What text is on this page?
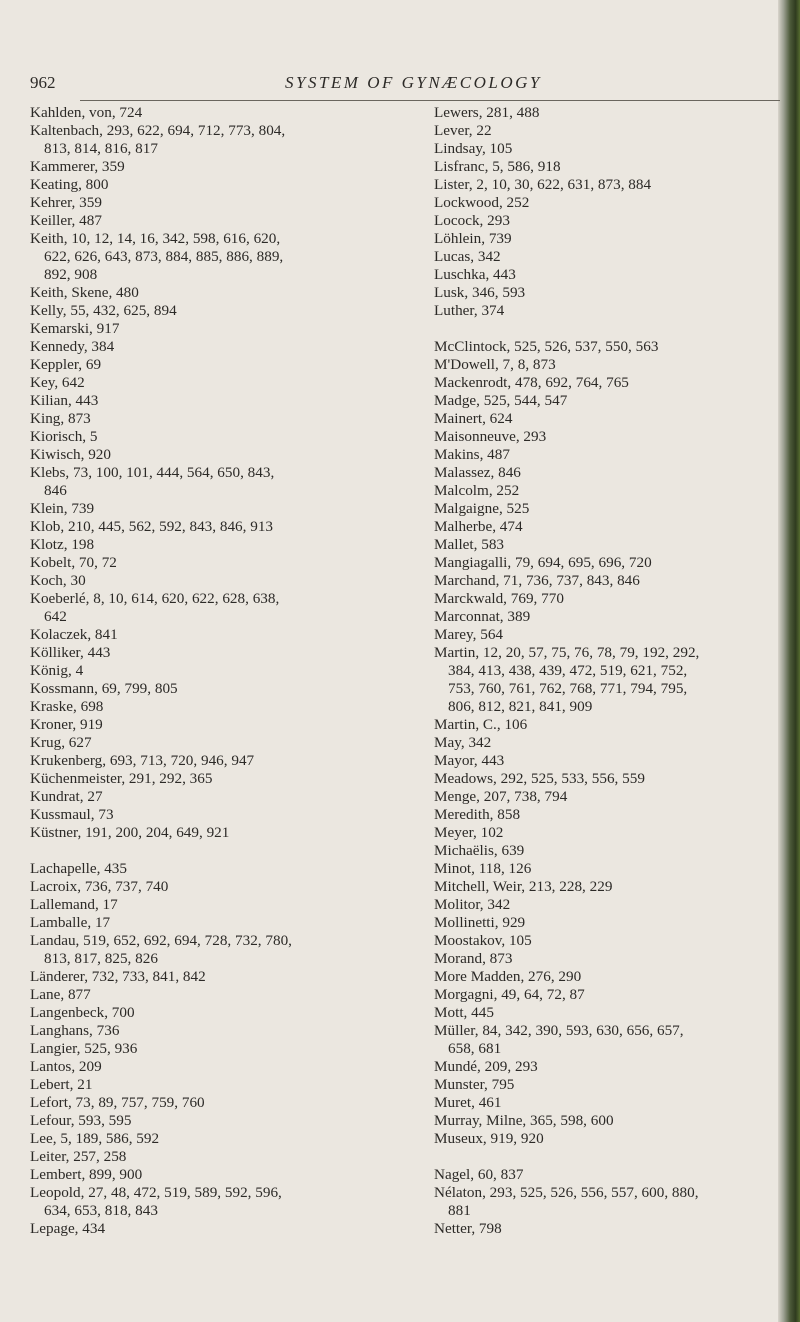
962	SYSTEM OF GYNÆCOLOGY
Kahlden, von, 724
Kaltenbach, 293, 622, 694, 712, 773, 804,
813, 814, 816, 817
Kammerer, 359
Keating, 800
Kehrer, 359
Keiller, 487
Keith, 10, 12, 14, 16, 342, 598, 616, 620,
622, 626, 643, 873, 884, 885, 886, 889,
892, 908
Keith, Skene, 480
Kelly, 55, 432, 625, 894
Kemarski, 917
Kennedy, 384
Keppler, 69
Key, 642
Kilian, 443
King, 873
Kiorisch, 5
Kiwisch, 920
Klebs, 73, 100, 101, 444, 564, 650, 843,
846
Klein, 739
Klob, 210, 445, 562, 592, 843, 846, 913
Klotz, 198
Kobelt, 70, 72
Koch, 30
Koeberlé, 8, 10, 614, 620, 622, 628, 638,
642
Kolaczek, 841
Kölliker, 443
König, 4
Kossmann, 69, 799, 805
Kraske, 698
Kroner, 919
Krug, 627
Krukenberg, 693, 713, 720, 946, 947
Küchenmeister, 291, 292, 365
Kundrat, 27
Kussmaul, 73
Küstner, 191, 200, 204, 649, 921
Lachapelle, 435
Lacroix, 736, 737, 740
Lallemand, 17
Lamballe, 17
Landau, 519, 652, 692, 694, 728, 732, 780,
813, 817, 825, 826
Länderer, 732, 733, 841, 842
Lane, 877
Langenbeck, 700
Langhans, 736
Langier, 525, 936
Lantos, 209
Lebert, 21
Lefort, 73, 89, 757, 759, 760
Lefour, 593, 595
Lee, 5, 189, 586, 592
Leiter, 257, 258
Lembert, 899, 900
Leopold, 27, 48, 472, 519, 589, 592, 596,
634, 653, 818, 843
Lepage, 434
Lewers, 281, 488
Lever, 22
Lindsay, 105
Lisfranc, 5, 586, 918
Lister, 2, 10, 30, 622, 631, 873, 884
Lockwood, 252
Locock, 293
Löhlein, 739
Lucas, 342
Luschka, 443
Lusk, 346, 593
Luther, 374
McClintock, 525, 526, 537, 550, 563
M'Dowell, 7, 8, 873
Mackenrodt, 478, 692, 764, 765
Madge, 525, 544, 547
Mainert, 624
Maisonneuve, 293
Makins, 487
Malassez, 846
Malcolm, 252
Malgaigne, 525
Malherbe, 474
Mallet, 583
Mangiagalli, 79, 694, 695, 696, 720
Marchand, 71, 736, 737, 843, 846
Marckwald, 769, 770
Marconnat, 389
Marey, 564
Martin, 12, 20, 57, 75, 76, 78, 79, 192, 292,
384, 413, 438, 439, 472, 519, 621, 752,
753, 760, 761, 762, 768, 771, 794, 795,
806, 812, 821, 841, 909
Martin, C., 106
May, 342
Mayor, 443
Meadows, 292, 525, 533, 556, 559
Menge, 207, 738, 794
Meredith, 858
Meyer, 102
Michaëlis, 639
Minot, 118, 126
Mitchell, Weir, 213, 228, 229
Molitor, 342
Mollinetti, 929
Moostakov, 105
Morand, 873
More Madden, 276, 290
Morgagni, 49, 64, 72, 87
Mott, 445
Müller, 84, 342, 390, 593, 630, 656, 657,
658, 681
Mundé, 209, 293
Munster, 795
Muret, 461
Murray, Milne, 365, 598, 600
Museux, 919, 920
Nagel, 60, 837
Nélaton, 293, 525, 526, 556, 557, 600, 880,
881
Netter, 798
